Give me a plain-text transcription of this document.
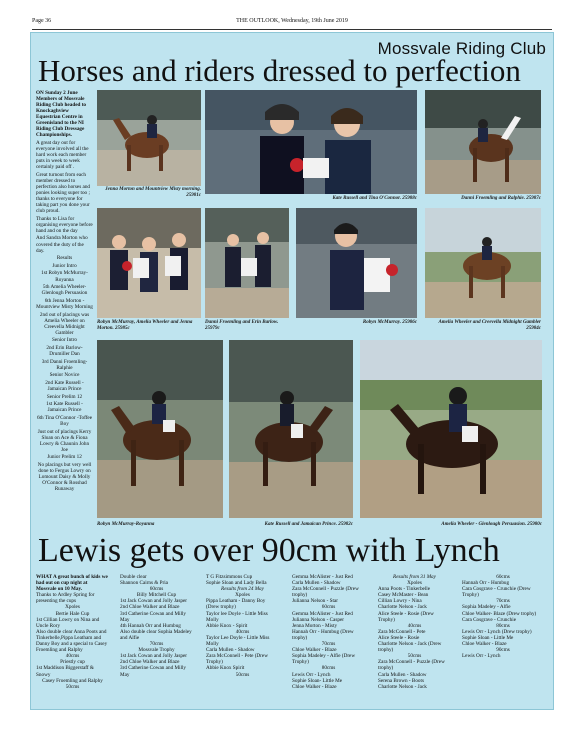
Page 36	THE OUTLOOK, Wednesday, 19th June 2019
Mossvale Riding Club
Horses and riders dressed to perfection

ON Sunday 2 June Members of Mossvale Riding Club headed to Knockaghview Equestrian Centre in Greenisland to the NI Riding Club Dressage Championships.

A great day out for everyone involved all the hard work each member puts in week to week certainly paid off .

Great turnout from each member dressed to perfection also horses and ponies looking super too ; thanks to everyone for taking part you done your club proud.

Thanks to Lisa for organising everyone before hand and on the day

And Sandra Morton who covered the duty of the day.

Results

Junior Intro

1st Robyn McMurray- Royanna

5th Amelia Wheeler- Glenlough Persuasion

6th Jenna Morton - Mountview Misty Morning

2nd out of placings was Amelia Wheeler on Creevella Midnight Gambler

Senior Intro

2nd Erin Barlow- Drumiller Dan

3rd Danni Froemling- Ralphie

Senior Novice

2nd Kate Russell - Jamaican Prince

Senior Prelim 12

1st Kate Russell - Jamaican Prince

6th Tina O'Connor -Toffee Boy

Just out of placings Kerry Sloan on Ace & Fiona Lowry & Chaunin John Joe

Junior Prelim 12

No placings but very well done to Fergus Lowry on Lomount Daisy & Molly O'Connor & Rosshad Runaway

Jenna Morton and Mountview Misty morning. 25981c
Kate Russell and Tina O'Connor. 25988c	Danni Froemling and Ralphie. 25987c
Robyn McMurray, Amelia Wheeler and Jenna Morton. 25985c
Danni Froemling and Erin Barlow. 25979c
Robyn McMurray. 25986c	Amelia Wheeler and Creevella Midnight Gambler 25984c
Robyn McMurray-Royanna	Kate Russell and Jamaican Prince. 25982c	Amelia Wheeler - Glenlough Persuasion. 25980c
Lewis gets over 90cm with Lynch
WHAT A great bunch of kids we had out on cup night at Mossvale on 10 May.
Thanks to Ardley Spring for presenting the cups
Xpoles
Bertie Hale Cup
1st Cillian Lowry on Nina and Uncle Rory
Also double clear Anna Poots and Tinkerbelle,Pippa Leatham and Danny Boy and a special to Casey Froemling and Ralphy
40cms
Priestly cup
1st Maddison Biggerstaff & Snowy
Casey Froemling and Ralphy
50cms
Double clear
Shannon Cairns & Pria
60cms
Billy Mitchell Cup
1st Jack Cowan and Jolly Jasper
2nd Chloe Walker and Blaze
3rd Catherine Cowan and Milly May
4th Hannah Orr and Humbug
Also double clear Sophia Madeley and Alfie
70cms
Mossvale Trophy
1st Jack Cowan and Jolly Jasper
2nd Chloe Walker and Blaze
3rd Catherine Cowan and Milly May
T G Fitzsimmons Cup
Sophie Sloan and Lady Bella
Results from 24 May
Xpoles
Pippa Leatham - Danny Boy (Drew trophy)
Taylor lee Doyle - Little Miss Molly
Abbie Knox - Spirit
40cms
Taylor Lee Doyle - Little Miss Molly
Carla Mullen - Shadow
Zara McConnell - Pete (Drew Trophy)
Abbie Knox Spirit
50cms
Gemma McAlister - Just Red
Carla Mullen - Shadow
Zara McConnell - Puzzle (Drew trophy)
Julianna Nelson - Star
60cms
Gemma McAlister - Just Red
Julianna Nelson - Casper
Jenna Morton - Misty
Hannah Orr - Humbug (Drew trophy)
70cms
Chloe Walker - Blaze
Sophia Madeley - Alfie (Drew Trophy)
80cms
Lewis Orr - Lynch
Sophie Sloan- Little Me
Chloe Walker - Blaze
Results from 31 May
Xpoles
Anna Poots - Tinkerbelle
Casey McMaster - Bean
Cillian Lowry - Nina
Charlotte Nelson - Jack
Alice Steele - Rosie (Drew Trophy)
40cms
Zara McConnell - Pete
Alice Steele - Rosie
Charlotte Nelson - Jack (Drew trophy)
50cms
Zara McConnell - Puzzle (Drew trophy)
Carla Mullen - Shadow
Serena Brown - Boots
Charlotte Nelson - Jack
60cms
Hannah Orr - Humbug
Cara Cosgrave - Crunchie (Drew Trophy)
70cms
Sophia Madeley - Alfie
Chloe Walker- Blaze (Drew trophy)
Cara Cosgrave - Crunchie
80cms
Lewis Orr - Lynch (Drew trophy)
Sophie Sloan - Little Me
Chloe Walker - Blaze
90cms
Lewis Orr - Lynch
